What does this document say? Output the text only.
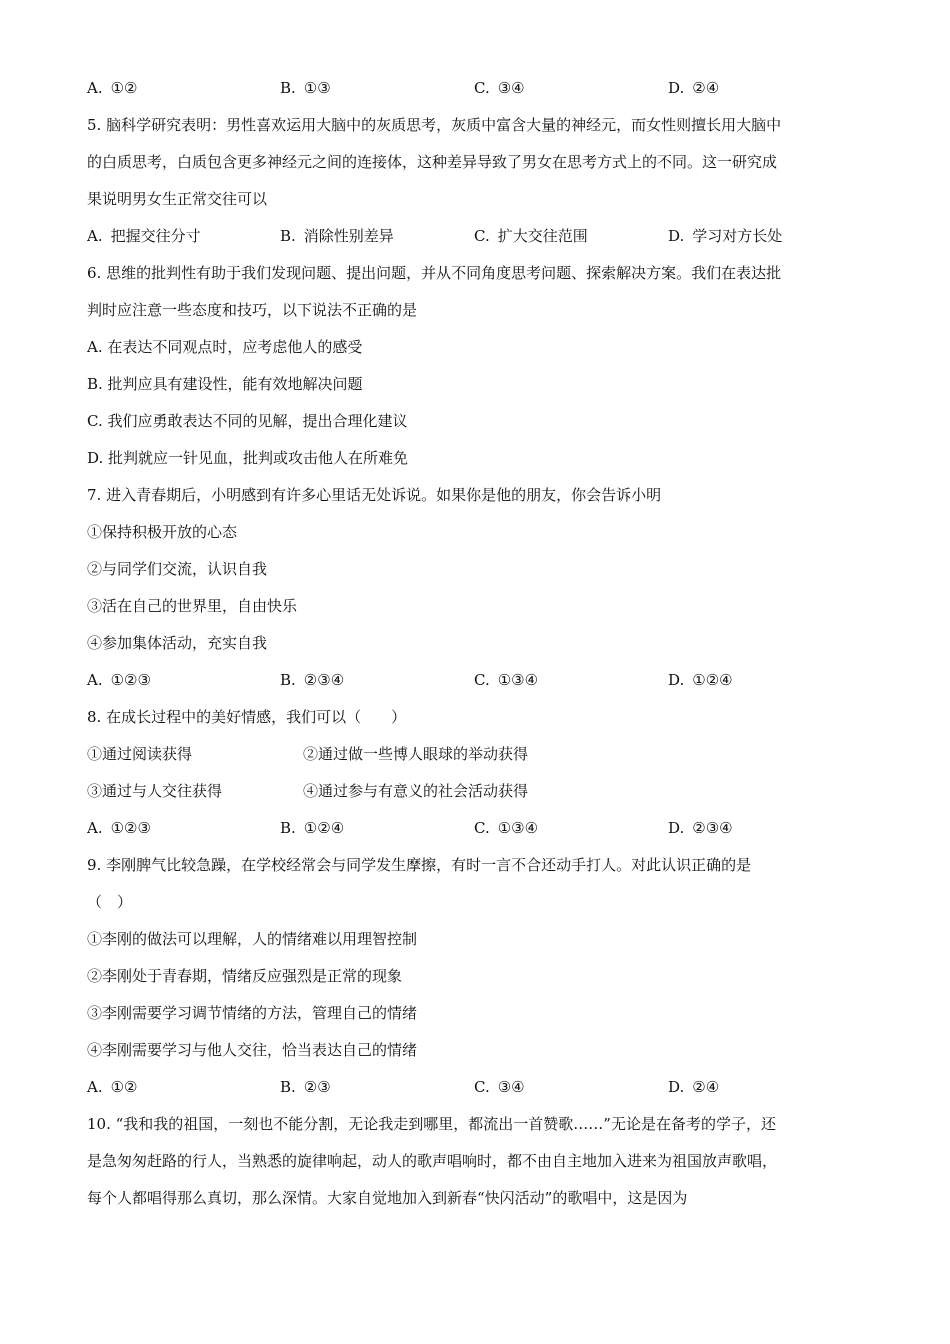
A. ①②	B. ①③	C. ③④	D. ②④
5. 脑科学研究表明：男性喜欢运用大脑中的灰质思考，灰质中富含大量的神经元，而女性则擅长用大脑中
的白质思考，白质包含更多神经元之间的连接体，这种差异导致了男女在思考方式上的不同。这一研究成
果说明男女生正常交往可以
A. 把握交往分寸	B. 消除性别差异	C. 扩大交往范围	D. 学习对方长处
6. 思维的批判性有助于我们发现问题、提出问题，并从不同角度思考问题、探索解决方案。我们在表达批
判时应注意一些态度和技巧，以下说法不正确的是
A. 在表达不同观点时，应考虑他人的感受
B. 批判应具有建设性，能有效地解决问题
C. 我们应勇敢表达不同的见解，提出合理化建议
D. 批判就应一针见血，批判或攻击他人在所难免
7. 进入青春期后，小明感到有许多心里话无处诉说。如果你是他的朋友，你会告诉小明
①保持积极开放的心态
②与同学们交流，认识自我
③活在自己的世界里，自由快乐
④参加集体活动，充实自我
A. ①②③	B. ②③④	C. ①③④	D. ①②④
8. 在成长过程中的美好情感，我们可以（　　）
①通过阅读获得	②通过做一些博人眼球的举动获得
③通过与人交往获得	④通过参与有意义的社会活动获得
A. ①②③	B. ①②④	C. ①③④	D. ②③④
9. 李刚脾气比较急躁，在学校经常会与同学发生摩擦，有时一言不合还动手打人。对此认识正确的是
（　）
①李刚的做法可以理解，人的情绪难以用理智控制
②李刚处于青春期，情绪反应强烈是正常的现象
③李刚需要学习调节情绪的方法，管理自己的情绪
④李刚需要学习与他人交往，恰当表达自己的情绪
A. ①②	B. ②③	C. ③④	D. ②④
10. “我和我的祖国，一刻也不能分割，无论我走到哪里，都流出一首赞歌……”无论是在备考的学子，还
是急匆匆赶路的行人，当熟悉的旋律响起，动人的歌声唱响时，都不由自主地加入进来为祖国放声歌唱，
每个人都唱得那么真切，那么深情。大家自觉地加入到新春“快闪活动”的歌唱中，这是因为
